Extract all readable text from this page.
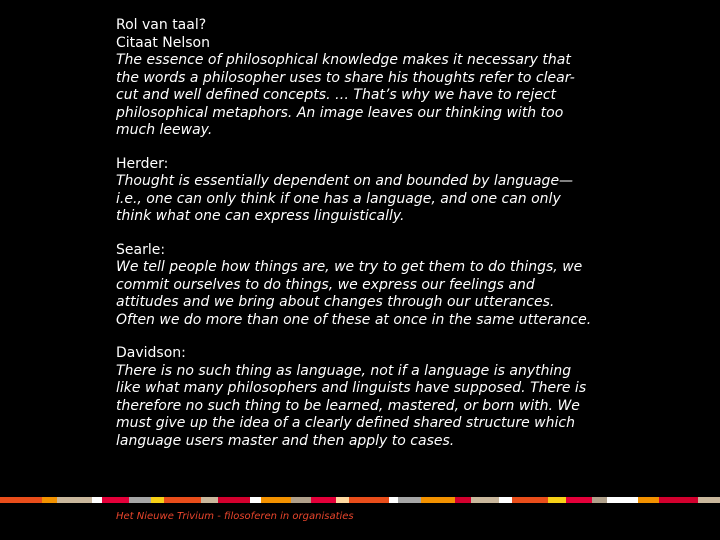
Rol van taal?
Citaat Nelson
The essence of philosophical knowledge makes it necessary that
the words a philosopher uses to share his thoughts refer to clear-
cut and well defined concepts. … That’s why we have to reject
philosophical metaphors. An image leaves our thinking with too
much leeway.
Herder:
Thought is essentially dependent on and bounded by language—
i.e., one can only think if one has a language, and one can only
think what one can express linguistically.
Searle:
We tell people how things are, we try to get them to do things, we
commit ourselves to do things, we express our feelings and
attitudes and we bring about changes through our utterances.
Often we do more than one of these at once in the same utterance.
Davidson:
There is no such thing as language, not if a language is anything
like what many philosophers and linguists have supposed. There is
therefore no such thing to be learned, mastered, or born with. We
must give up the idea of a clearly defined shared structure which
language users master and then apply to cases.
Het Nieuwe Trivium - filosoferen in organisaties
